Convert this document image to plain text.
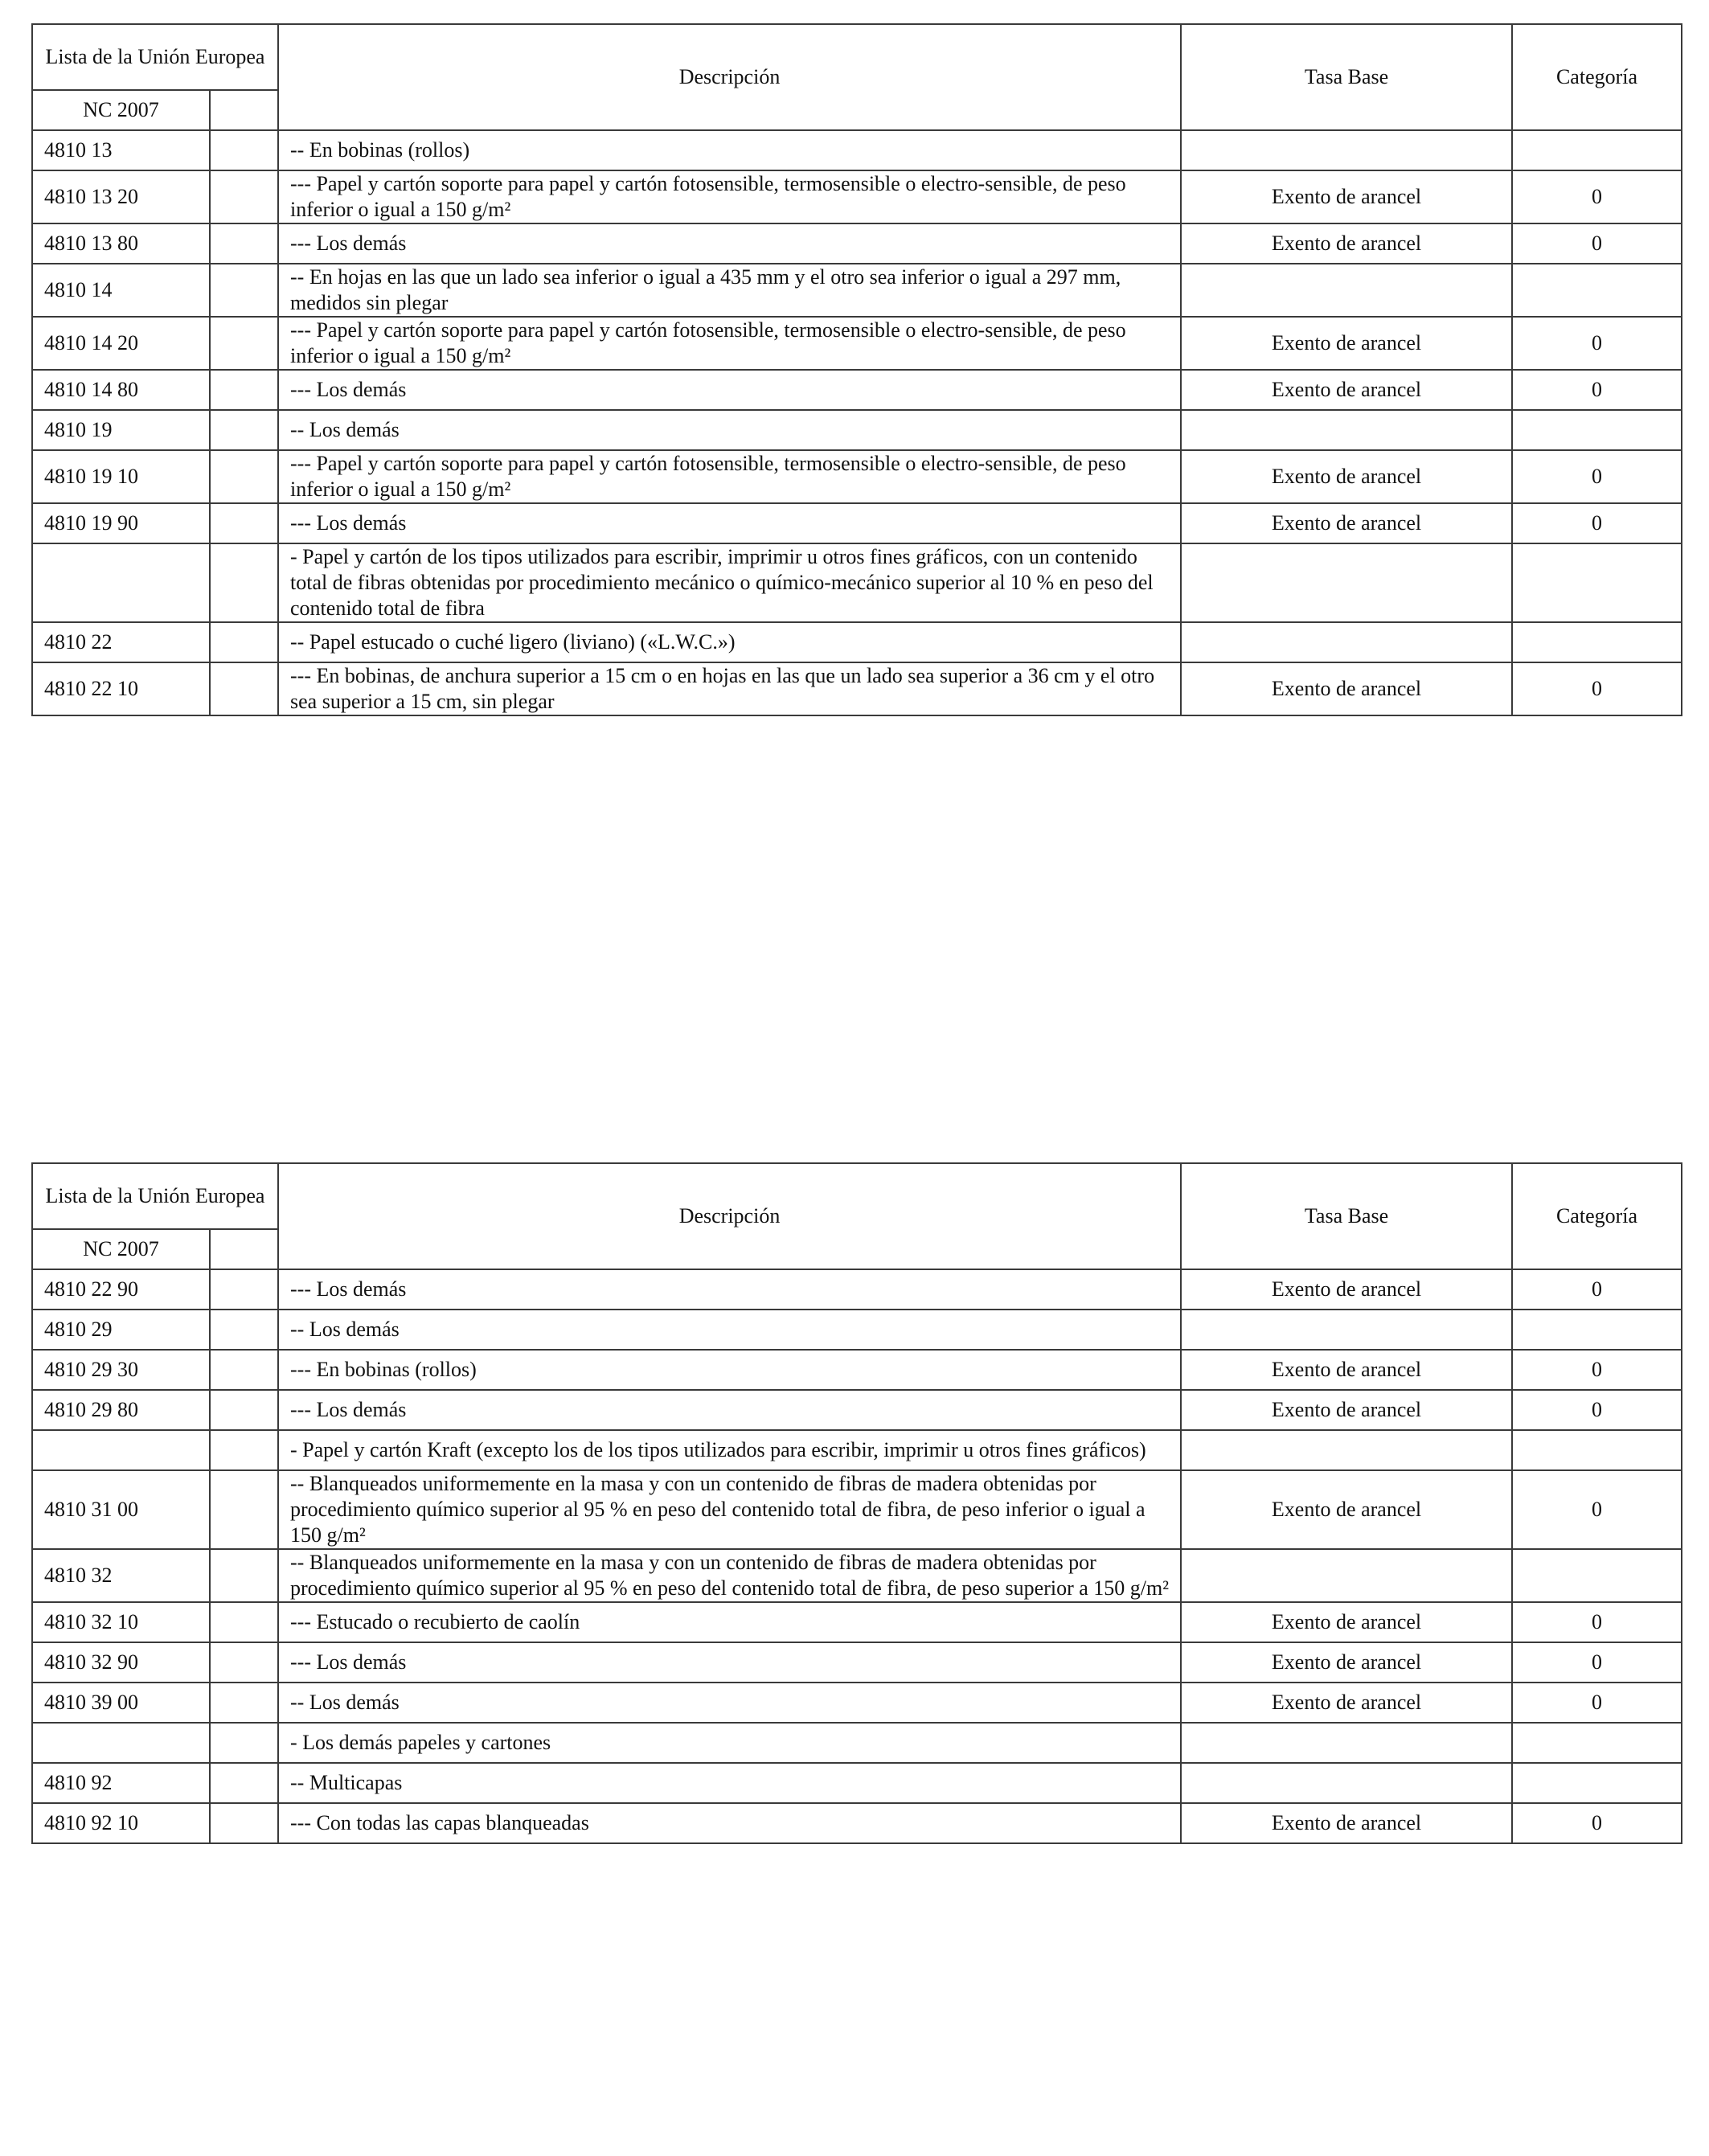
Lista de la Unión Europea		Descripción	Tasa Base	Categoría
NC 2007				
4810 13		-- En bobinas (rollos)		
4810 13 20		--- Papel y cartón soporte para papel y cartón fotosensible, termosensible o electro-sensible, de peso inferior o igual a 150 g/m²	Exento de arancel	0
4810 13 80		--- Los demás	Exento de arancel	0
4810 14		-- En hojas en las que un lado sea inferior o igual a 435 mm y el otro sea inferior o igual a 297 mm, medidos sin plegar		
4810 14 20		--- Papel y cartón soporte para papel y cartón fotosensible, termosensible o electro-sensible, de peso inferior o igual a 150 g/m²	Exento de arancel	0
4810 14 80		--- Los demás	Exento de arancel	0
4810 19		-- Los demás		
4810 19 10		--- Papel y cartón soporte para papel y cartón fotosensible, termosensible o electro-sensible, de peso inferior o igual a 150 g/m²	Exento de arancel	0
4810 19 90		--- Los demás	Exento de arancel	0
		- Papel y cartón de los tipos utilizados para escribir, imprimir u otros fines gráficos, con un contenido total de fibras obtenidas por procedimiento mecánico o químico-mecánico superior al 10 % en peso del contenido total de fibra		
4810 22		-- Papel estucado o cuché ligero (liviano) («L.W.C.»)		
4810 22 10		--- En bobinas, de anchura superior a 15 cm o en hojas en las que un lado sea superior a 36 cm y el otro sea superior a 15 cm, sin plegar	Exento de arancel	0
Lista de la Unión Europea		Descripción	Tasa Base	Categoría
NC 2007				
4810 22 90		--- Los demás	Exento de arancel	0
4810 29		-- Los demás		
4810 29 30		--- En bobinas (rollos)	Exento de arancel	0
4810 29 80		--- Los demás	Exento de arancel	0
		- Papel y cartón Kraft (excepto los de los tipos utilizados para escribir, imprimir u otros fines gráficos)		
4810 31 00		-- Blanqueados uniformemente en la masa y con un contenido de fibras de madera obtenidas por procedimiento químico superior al 95 % en peso del contenido total de fibra, de peso inferior o igual a 150 g/m²	Exento de arancel	0
4810 32		-- Blanqueados uniformemente en la masa y con un contenido de fibras de madera obtenidas por procedimiento químico superior al 95 % en peso del contenido total de fibra, de peso superior a 150 g/m²		
4810 32 10		--- Estucado o recubierto de caolín	Exento de arancel	0
4810 32 90		--- Los demás	Exento de arancel	0
4810 39 00		-- Los demás	Exento de arancel	0
		- Los demás papeles y cartones		
4810 92		-- Multicapas		
4810 92 10		--- Con todas las capas blanqueadas	Exento de arancel	0
